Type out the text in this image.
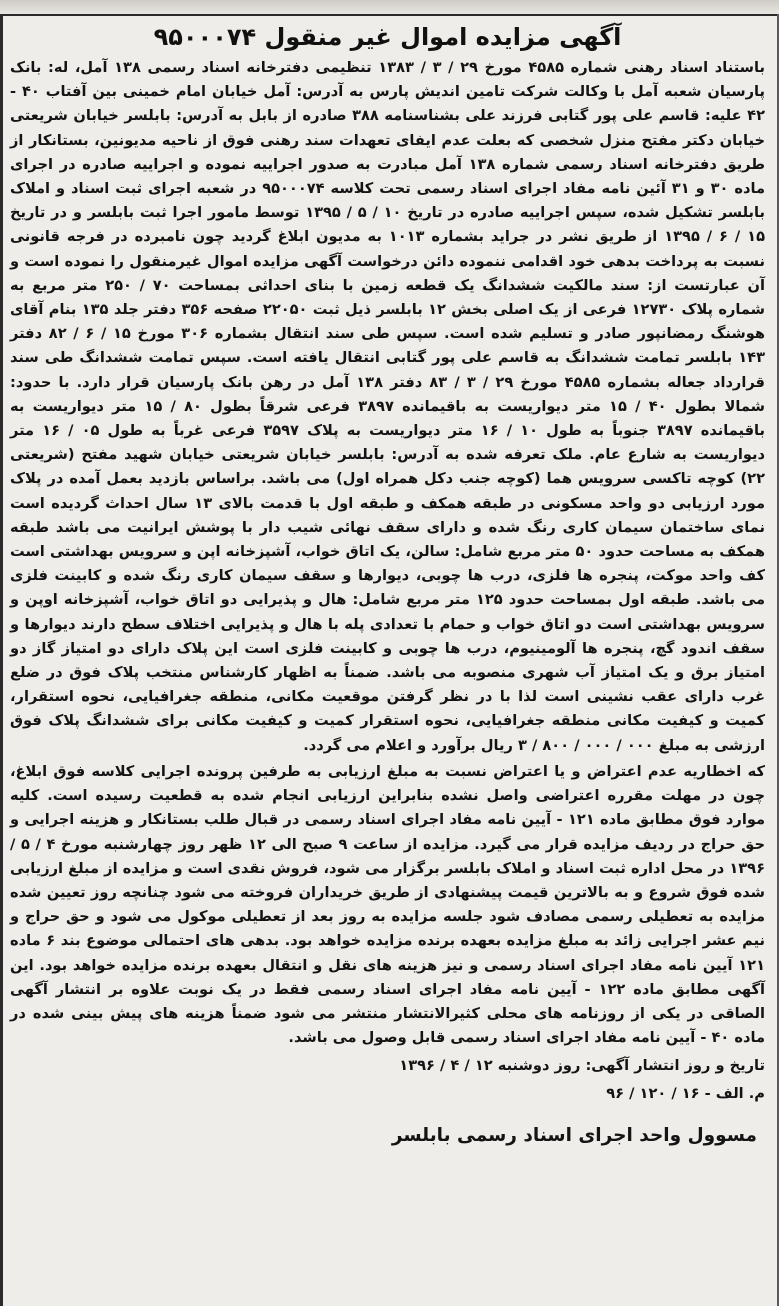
آگهی مزایده اموال غیر منقول ۹۵۰۰۰۷۴

باستناد اسناد رهنی شماره ۴۵۸۵ مورخ ۲۹ / ۳ / ۱۳۸۳ تنظیمی دفترخانه اسناد رسمی ۱۳۸ آمل، له: بانک پارسیان شعبه آمل با وکالت شرکت تامین اندیش پارس به آدرس: آمل خیابان امام خمینی بین آفتاب ۴۰ - ۴۲ علیه: قاسم علی پور گتابی فرزند علی بشناسنامه ۳۸۸ صادره از بابل به آدرس: بابلسر خیابان شریعتی خیابان دکتر مفتح منزل شخصی که بعلت عدم ایفای تعهدات سند رهنی فوق از ناحیه مدیونین، بستانکار از طریق دفترخانه اسناد رسمی شماره ۱۳۸ آمل مبادرت به صدور اجراییه نموده و اجراییه صادره در اجرای ماده ۳۰ و ۳۱ آئین نامه مفاد اجرای اسناد رسمی تحت کلاسه ۹۵۰۰۰۷۴ در شعبه اجرای ثبت اسناد و املاک بابلسر تشکیل شده، سپس اجراییه صادره در تاریخ ۱۰ / ۵ / ۱۳۹۵ توسط مامور اجرا ثبت بابلسر و در تاریخ ۱۵ / ۶ / ۱۳۹۵ از طریق نشر در جراید بشماره ۱۰۱۳ به مدیون ابلاغ گردید چون نامبرده در فرجه قانونی نسبت به پرداخت بدهی خود اقدامی ننموده دائن درخواست آگهی مزایده اموال غیرمنقول را نموده است و آن عبارتست از: سند مالکیت ششدانگ یک قطعه زمین با بنای احداثی بمساحت ۷۰ / ۲۵۰ متر مربع به شماره پلاک ۱۲۷۳۰ فرعی از یک اصلی بخش ۱۲ بابلسر ذیل ثبت ۲۲۰۵۰ صفحه ۳۵۶ دفتر جلد ۱۳۵ بنام آقای هوشنگ رمضانپور صادر و تسلیم شده است. سپس طی سند انتقال بشماره ۳۰۶ مورخ ۱۵ / ۶ / ۸۲ دفتر ۱۴۳ بابلسر تمامت ششدانگ به قاسم علی پور گتابی انتقال یافته است. سپس تمامت ششدانگ طی سند قرارداد جعاله بشماره ۴۵۸۵ مورخ ۲۹ / ۳ / ۸۳ دفتر ۱۳۸ آمل در رهن بانک پارسیان قرار دارد. با حدود: شمالا بطول ۴۰ / ۱۵ متر دیواریست به باقیمانده ۳۸۹۷ فرعی شرقاً بطول ۸۰ / ۱۵ متر دیواریست به باقیمانده ۳۸۹۷ جنوباً به طول ۱۰ / ۱۶ متر دیواریست به پلاک ۳۵۹۷ فرعی غرباً به طول ۰۵ / ۱۶ متر دیواریست به شارع عام. ملک تعرفه شده به آدرس: بابلسر خیابان شریعتی خیابان شهید مفتح (شریعتی ۲۲) کوچه تاکسی سرویس هما (کوچه جنب دکل همراه اول) می باشد. براساس بازدید بعمل آمده در پلاک مورد ارزیابی دو واحد مسکونی در طبقه همکف و طبقه اول با قدمت بالای ۱۳ سال احداث گردیده است نمای ساختمان سیمان کاری رنگ شده و دارای سقف نهائی شیب دار با پوشش ایرانیت می باشد طبقه همکف به مساحت حدود ۵۰ متر مربع شامل: سالن، یک اتاق خواب، آشپزخانه اپن و سرویس بهداشتی است کف واحد موکت، پنجره ها فلزی، درب ها چوبی، دیوارها و سقف سیمان کاری رنگ شده و کابینت فلزی می باشد. طبقه اول بمساحت حدود ۱۲۵ متر مربع شامل: هال و پذیرایی دو اتاق خواب، آشپزخانه اوپن و سرویس بهداشتی است دو اتاق خواب و حمام با تعدادی پله با هال و پذیرایی اختلاف سطح دارند دیوارها و سقف اندود گچ، پنجره ها آلومینیوم، درب ها چوبی و کابینت فلزی است این پلاک دارای دو امتیاز گاز دو امتیاز برق و یک امتیاز آب شهری منصوبه می باشد. ضمناً به اظهار کارشناس منتخب پلاک فوق در ضلع غرب دارای عقب نشینی است لذا با در نظر گرفتن موقعیت مکانی، منطقه جغرافیایی، نحوه استقرار، کمیت و کیفیت مکانی منطقه جغرافیایی، نحوه استقرار کمیت و کیفیت مکانی برای ششدانگ پلاک فوق ارزشی به مبلغ ۰۰۰ / ۰۰۰ / ۸۰۰ / ۳ ریال برآورد و اعلام می گردد.

که اخطاریه عدم اعتراض و یا اعتراض نسبت به مبلغ ارزیابی به طرفین پرونده اجرایی کلاسه فوق ابلاغ، چون در مهلت مقرره اعتراضی واصل نشده بنابراین ارزیابی انجام شده به قطعیت رسیده است. کلیه موارد فوق مطابق ماده ۱۲۱ - آیین نامه مفاد اجرای اسناد رسمی در قبال طلب بستانکار و هزینه اجرایی و حق حراج در ردیف مزایده قرار می گیرد. مزایده از ساعت ۹ صبح الی ۱۲ ظهر روز چهارشنبه مورخ ۴ / ۵ / ۱۳۹۶ در محل اداره ثبت اسناد و املاک بابلسر برگزار می شود، فروش نقدی است و مزایده از مبلغ ارزیابی شده فوق شروع و به بالاترین قیمت پیشنهادی از طریق خریداران فروخته می شود چنانچه روز تعیین شده مزایده به تعطیلی رسمی مصادف شود جلسه مزایده به روز بعد از تعطیلی موکول می شود و حق حراج و نیم عشر اجرایی زائد به مبلغ مزایده بعهده برنده مزایده خواهد بود. بدهی های احتمالی موضوع بند ۶ ماده ۱۲۱ آیین نامه مفاد اجرای اسناد رسمی و نیز هزینه های نقل و انتقال بعهده برنده مزایده خواهد بود. این آگهی مطابق ماده ۱۲۲ - آیین نامه مفاد اجرای اسناد رسمی فقط در یک نوبت علاوه بر انتشار آگهی الصاقی در یکی از روزنامه های محلی کثیرالانتشار منتشر می شود ضمناً هزینه های پیش بینی شده در ماده ۴۰ - آیین نامه مفاد اجرای اسناد رسمی قابل وصول می باشد.

تاریخ و روز انتشار آگهی: روز دوشنبه ۱۲ / ۴ / ۱۳۹۶
م. الف - ۱۶ / ۱۲۰ / ۹۶
مسوول واحد اجرای اسناد رسمی بابلسر
